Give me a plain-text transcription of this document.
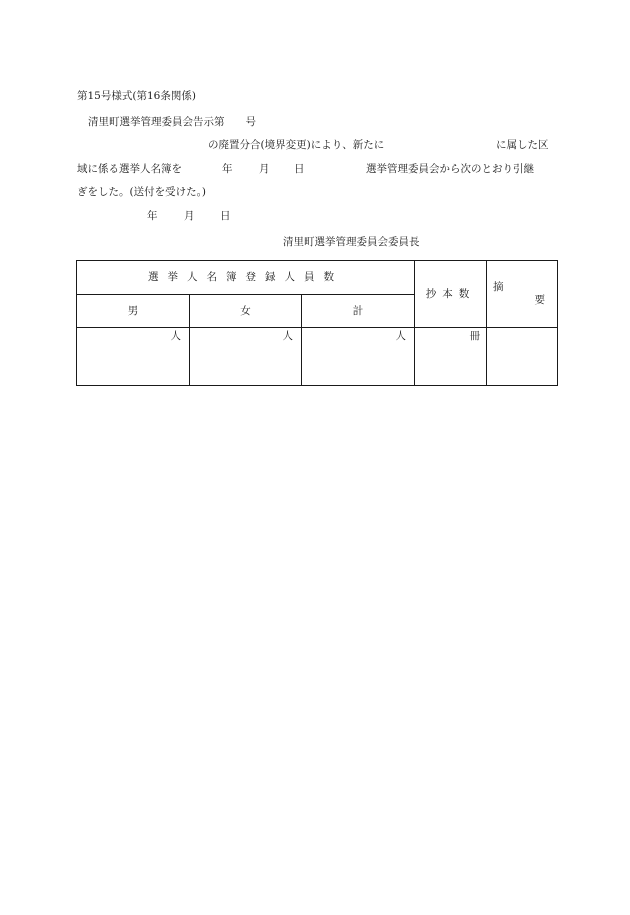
第15号様式(第16条関係)
清里町選挙管理委員会告示第　　号
の廃置分合(境界変更)により、新たに	に属した区
域に係る選挙人名簿を	年	月 日	選挙管理委員会から次のとおり引継
ぎをした。(送付を受けた。)
年	月 日
清里町選挙管理委員会委員長
選挙人名簿登録人員数			抄本数	摘要
男	女	計		
人	人	人	冊	
